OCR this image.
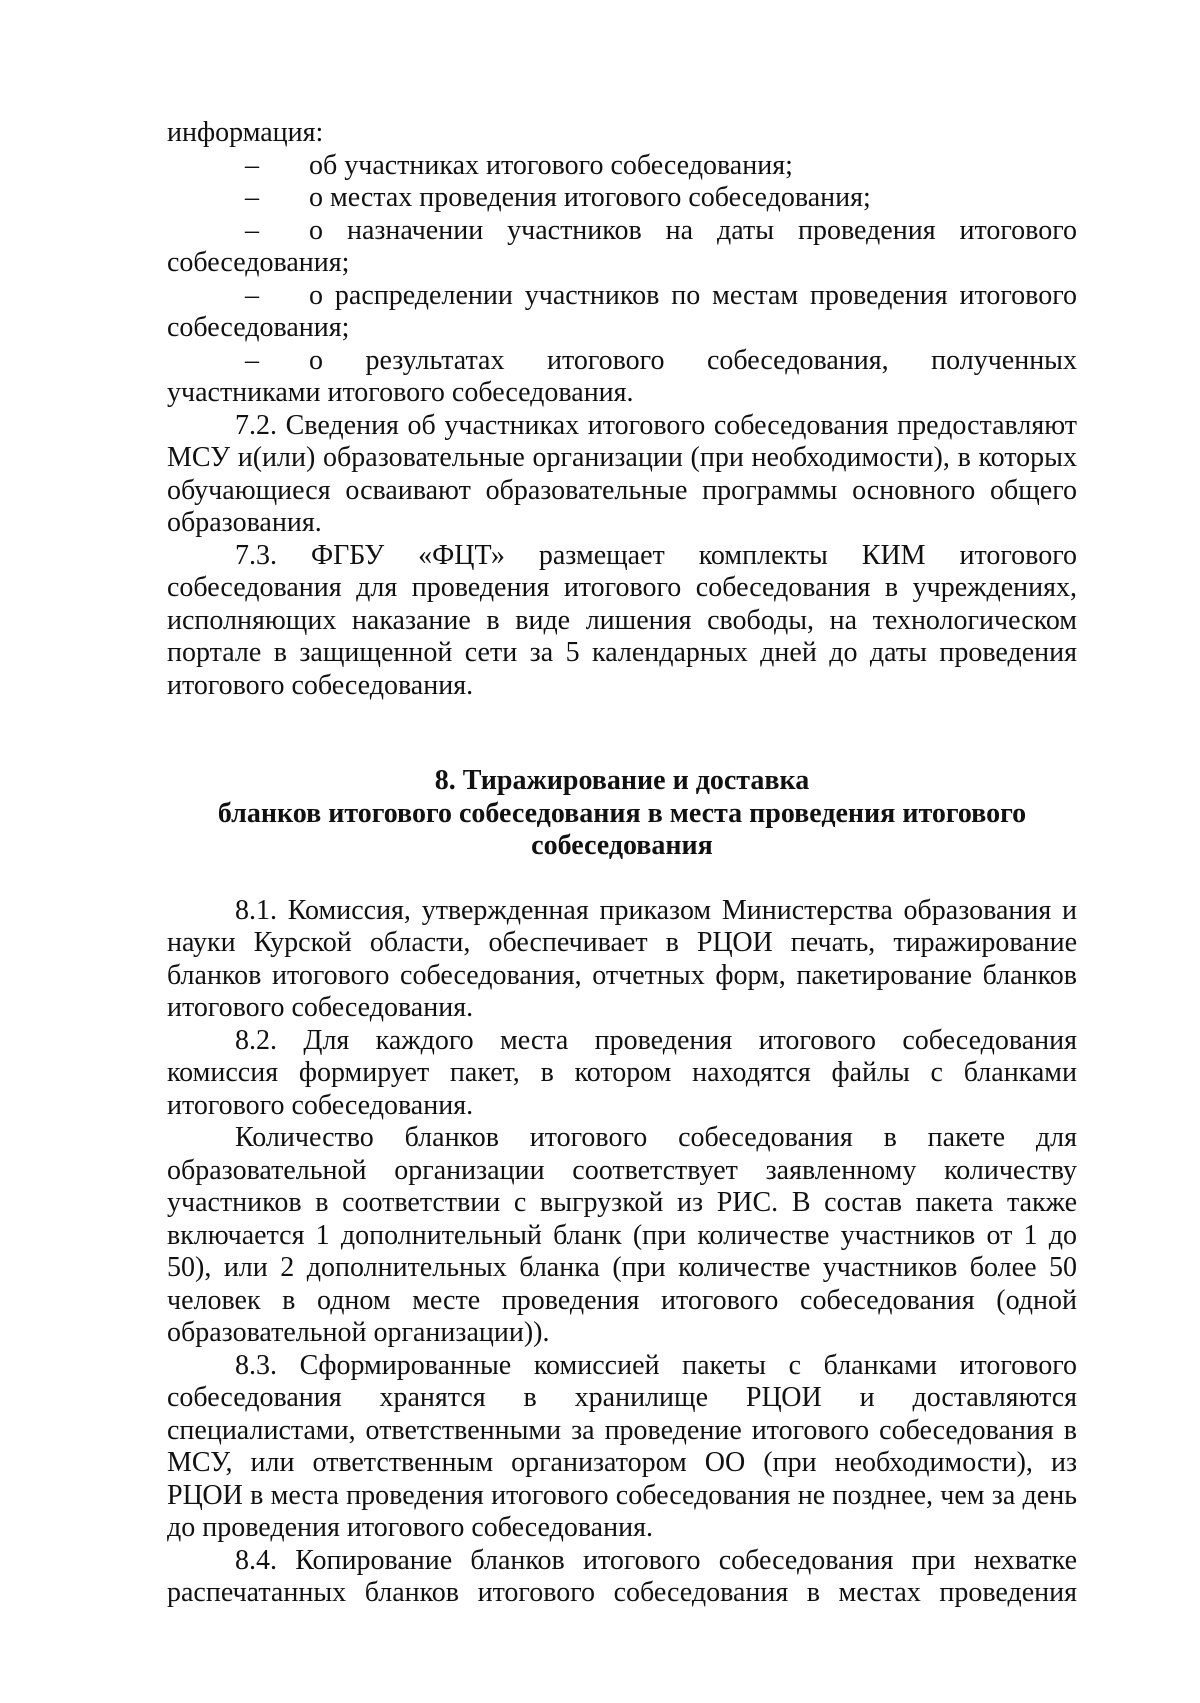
информация:

–	об участниках итогового собеседования;
–	о местах проведения итогового собеседования;
–	о назначении участников на даты проведения итогового

собеседования;

–	о распределении участников по местам проведения итогового

собеседования;

–	о результатах итогового собеседования, полученных

участниками итогового собеседования.

7.2. Сведения об участниках итогового собеседования предоставляют МСУ и(или) образовательные организации (при необходимости), в которых обучающиеся осваивают образовательные программы основного общего образования.

7.3. ФГБУ «ФЦТ» размещает комплекты КИМ итогового собеседования для проведения итогового собеседования в учреждениях, исполняющих наказание в виде лишения свободы, на технологическом портале в защищенной сети за 5 календарных дней до даты проведения итогового собеседования.

8. Тиражирование и доставка

бланков итогового собеседования в места проведения итогового

собеседования

8.1. Комиссия, утвержденная приказом Министерства образования и науки Курской области, обеспечивает в РЦОИ печать, тиражирование бланков итогового собеседования, отчетных форм, пакетирование бланков итогового собеседования.

8.2. Для каждого места проведения итогового собеседования комиссия формирует пакет, в котором находятся файлы с бланками итогового собеседования.

Количество бланков итогового собеседования в пакете для образовательной организации соответствует заявленному количеству участников в соответствии с выгрузкой из РИС. В состав пакета также включается 1 дополнительный бланк (при количестве участников от 1 до 50), или 2 дополнительных бланка (при количестве участников более 50 человек в одном месте проведения итогового собеседования (одной образовательной организации)).

8.3. Сформированные комиссией пакеты с бланками итогового собеседования хранятся в хранилище РЦОИ и доставляются специалистами, ответственными за проведение итогового собеседования в МСУ, или ответственным организатором ОО (при необходимости), из РЦОИ в места проведения итогового собеседования не позднее, чем за день до проведения итогового собеседования.

8.4. Копирование бланков итогового собеседования при нехватке распечатанных бланков итогового собеседования в местах проведения
